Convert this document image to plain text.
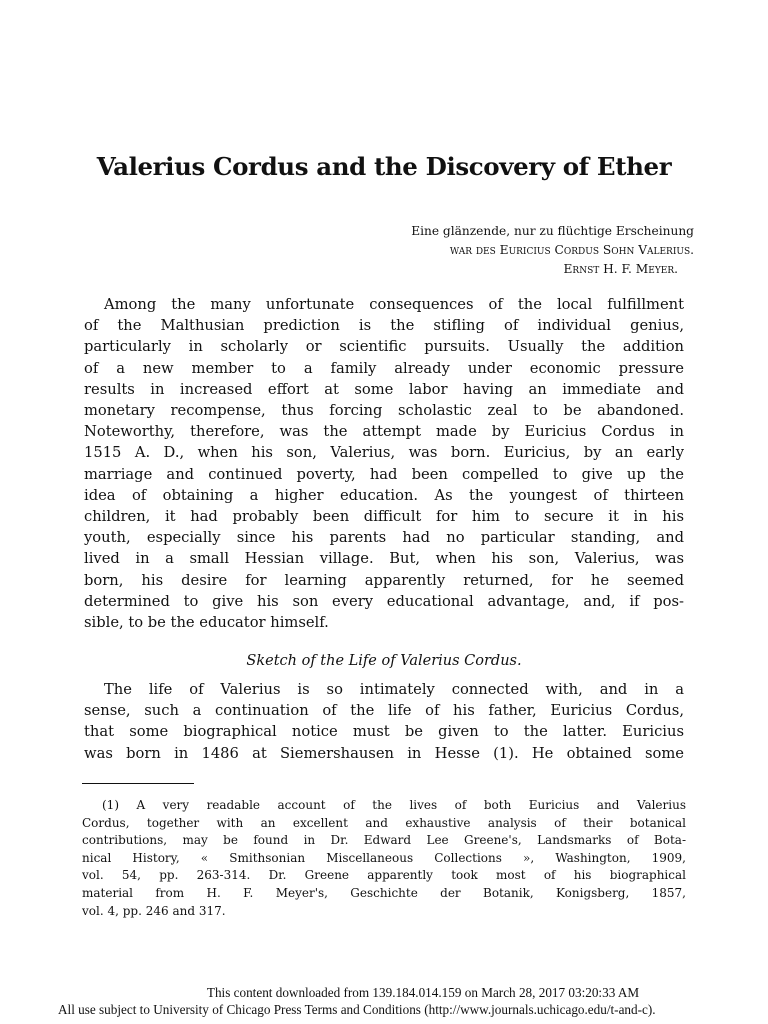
Valerius Cordus and the Discovery of Ether
Eine glänzende, nur zu flüchtige Erscheinung
war des Euricius Cordus Sohn Valerius.
Ernst H. F. Meyer.
Among the many unfortunate consequences of the local fulfillment
of the Malthusian prediction is the stifling of individual genius,
particularly in scholarly or scientific pursuits. Usually the addition
of a new member to a family already under economic pressure
results in increased effort at some labor having an immediate and
monetary recompense, thus forcing scholastic zeal to be abandoned.
Noteworthy, therefore, was the attempt made by Euricius Cordus in
1515 A. D., when his son, Valerius, was born. Euricius, by an early
marriage and continued poverty, had been compelled to give up the
idea of obtaining a higher education. As the youngest of thirteen
children, it had probably been difficult for him to secure it in his
youth, especially since his parents had no particular standing, and
lived in a small Hessian village. But, when his son, Valerius, was
born, his desire for learning apparently returned, for he seemed
determined to give his son every educational advantage, and, if pos-
sible, to be the educator himself.
Sketch of the Life of Valerius Cordus.
The life of Valerius is so intimately connected with, and in a
sense, such a continuation of the life of his father, Euricius Cordus,
that some biographical notice must be given to the latter. Euricius
was born in 1486 at Siemershausen in Hesse (1). He obtained some
(1) A very readable account of the lives of both Euricius and Valerius
Cordus, together with an excellent and exhaustive analysis of their botanical
contributions, may be found in Dr. Edward Lee Greene's, Landsmarks of Bota-
nical History, « Smithsonian Miscellaneous Collections », Washington, 1909,
vol. 54, pp. 263-314. Dr. Greene apparently took most of his biographical
material from H. F. Meyer's, Geschichte der Botanik, Konigsberg, 1857,
vol. 4, pp. 246 and 317.
This content downloaded from 139.184.014.159 on March 28, 2017 03:20:33 AM
All use subject to University of Chicago Press Terms and Conditions (http://www.journals.uchicago.edu/t-and-c).
